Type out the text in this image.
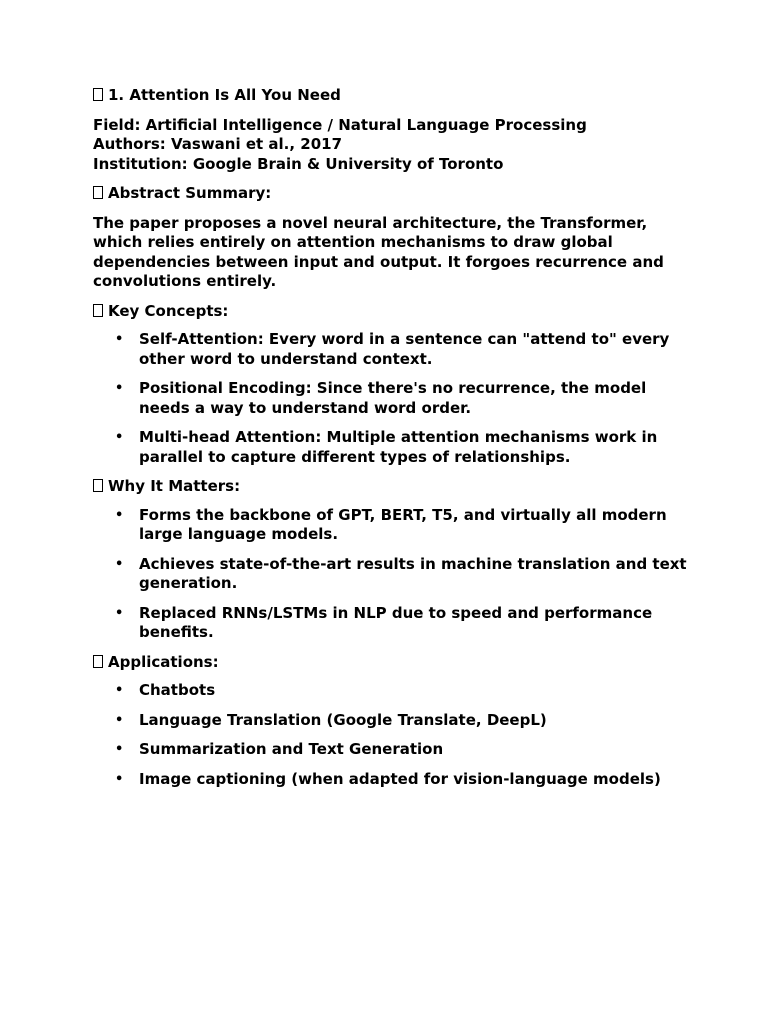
1. Attention Is All You Need
Field: Artificial Intelligence / Natural Language Processing
Authors: Vaswani et al., 2017
Institution: Google Brain & University of Toronto
Abstract Summary:
The paper proposes a novel neural architecture, the Transformer, which relies entirely on attention mechanisms to draw global dependencies between input and output. It forgoes recurrence and convolutions entirely.
Key Concepts:
• Self-Attention: Every word in a sentence can "attend to" every other word to understand context.
• Positional Encoding: Since there's no recurrence, the model needs a way to understand word order.
• Multi-head Attention: Multiple attention mechanisms work in parallel to capture different types of relationships.
Why It Matters:
• Forms the backbone of GPT, BERT, T5, and virtually all modern large language models.
• Achieves state-of-the-art results in machine translation and text generation.
• Replaced RNNs/LSTMs in NLP due to speed and performance benefits.
Applications:
• Chatbots
• Language Translation (Google Translate, DeepL)
• Summarization and Text Generation
• Image captioning (when adapted for vision-language models)
